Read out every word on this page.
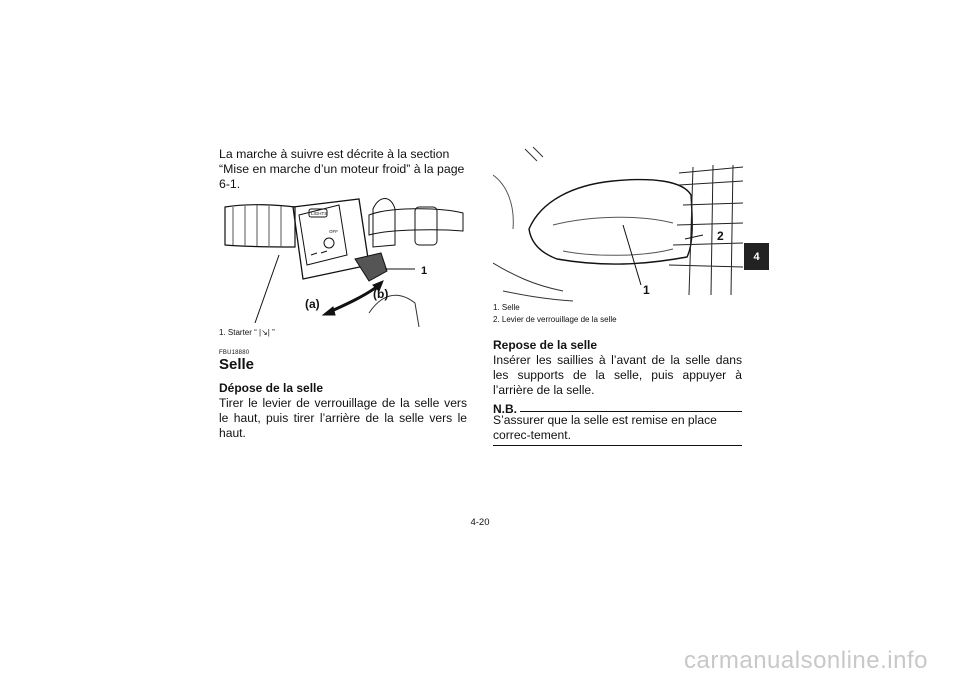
La marche à suivre est décrite à la section “Mise en marche d’un moteur froid” à la page 6-1.
LIGHTS
OFF
1
(a)
(b)
1. Starter “ |↘| ”
FBU18880
Selle
Dépose de la selle
Tirer le levier de verrouillage de la selle vers le haut, puis tirer l’arrière de la selle vers le haut.
1
2
1. Selle
2. Levier de verrouillage de la selle
Repose de la selle
Insérer les saillies à l’avant de la selle dans les supports de la selle, puis appuyer à l’arrière de la selle.
N.B.
S’assurer que la selle est remise en place correc-tement.
4-20
4
carmanualsonline.info
